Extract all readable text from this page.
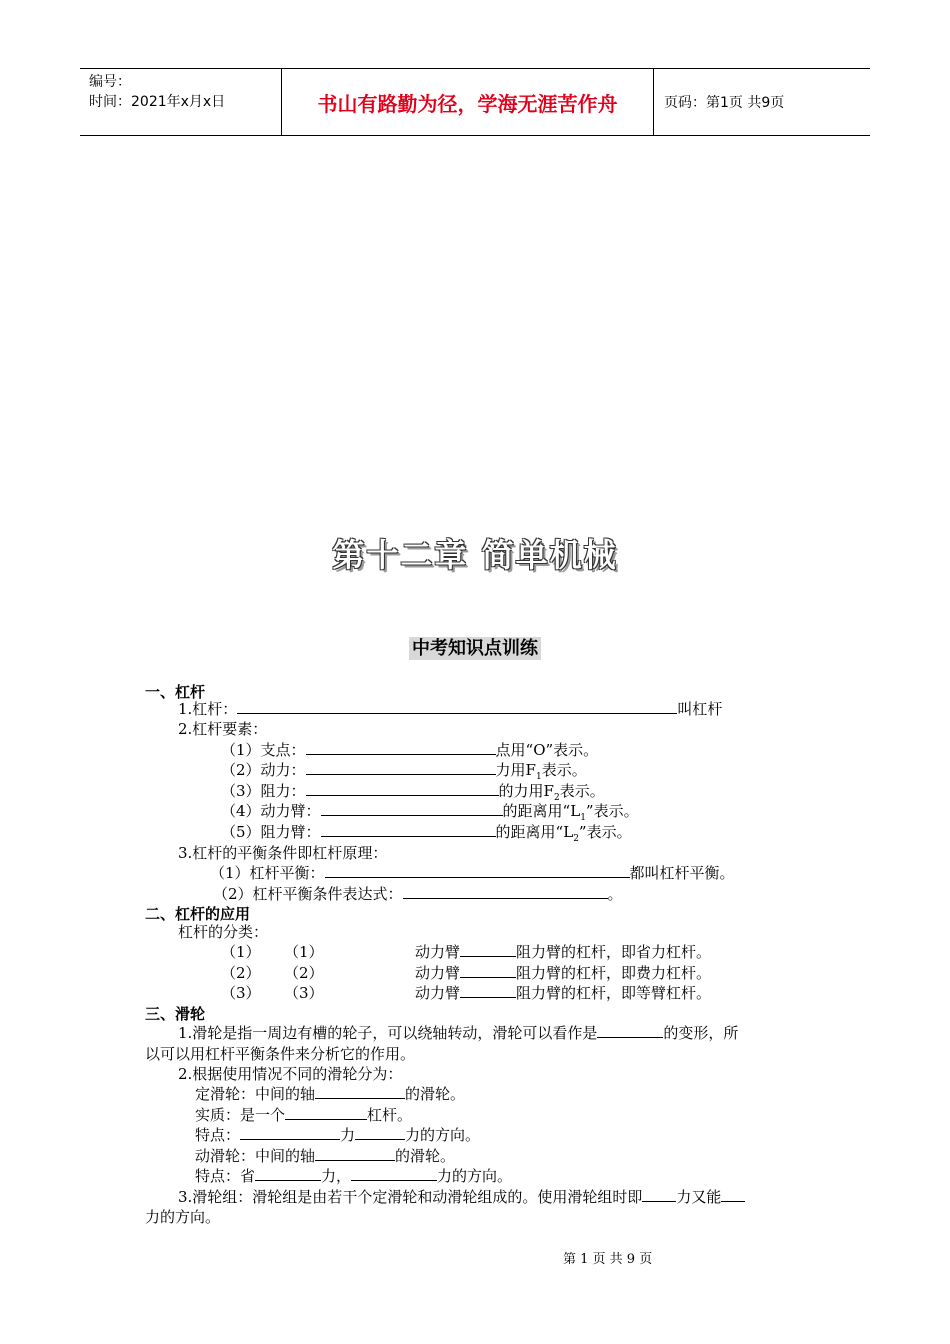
编号：
时间：2021年x月x日	书山有路勤为径，学海无涯苦作舟	页码：第1页 共9页
第十二章 简单机械
中考知识点训练
一、杠杆
1.杠杆：	叫杠杆
2.杠杆要素：
（1）支点：	点用“O”表示。
（2）动力：	力用$F_1$表示。
（3）阻力：	的力用$F_2$表示。
（4）动力臂：	的距离用“$L_1$”表示。
（5）阻力臂：	的距离用“$L_2$”表示。
3.杠杆的平衡条件即杠杆原理：
（1）杠杆平衡：	都叫杠杆平衡。
（2）杠杆平衡条件表达式：	。
二、杠杆的应用
杠杆的分类：
（1） （1）	动力臂	阻力臂的杠杆，即省力杠杆。
（2） （2）	动力臂	阻力臂的杠杆，即费力杠杆。
（3） （3）	动力臂	阻力臂的杠杆，即等臂杠杆。
三、滑轮
1.滑轮是指一周边有槽的轮子，可以绕轴转动，滑轮可以看作是	的变形，所
以可以用杠杆平衡条件来分析它的作用。
2.根据使用情况不同的滑轮分为：
定滑轮：中间的轴	的滑轮。
实质：是一个	杠杆。
特点：	力	力的方向。
动滑轮：中间的轴	的滑轮。
特点：省	力，	力的方向。
3.滑轮组：滑轮组是由若干个定滑轮和动滑轮组成的。使用滑轮组时即 力又能
力的方向。
第 1 页 共 9 页
